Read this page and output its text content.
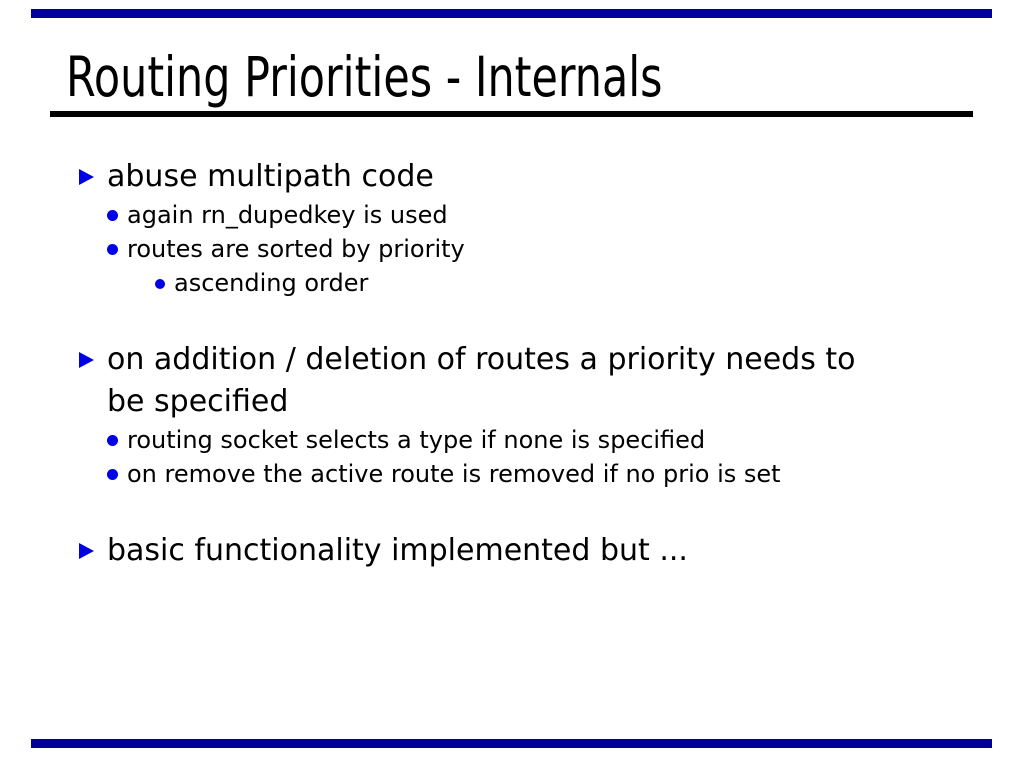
Routing Priorities - Internals
abuse multipath code
again rn_dupedkey is used
routes are sorted by priority
ascending order
on addition / deletion of routes a priority needs to be specified
routing socket selects a type if none is specified
on remove the active route is removed if no prio is set
basic functionality implemented but ...
